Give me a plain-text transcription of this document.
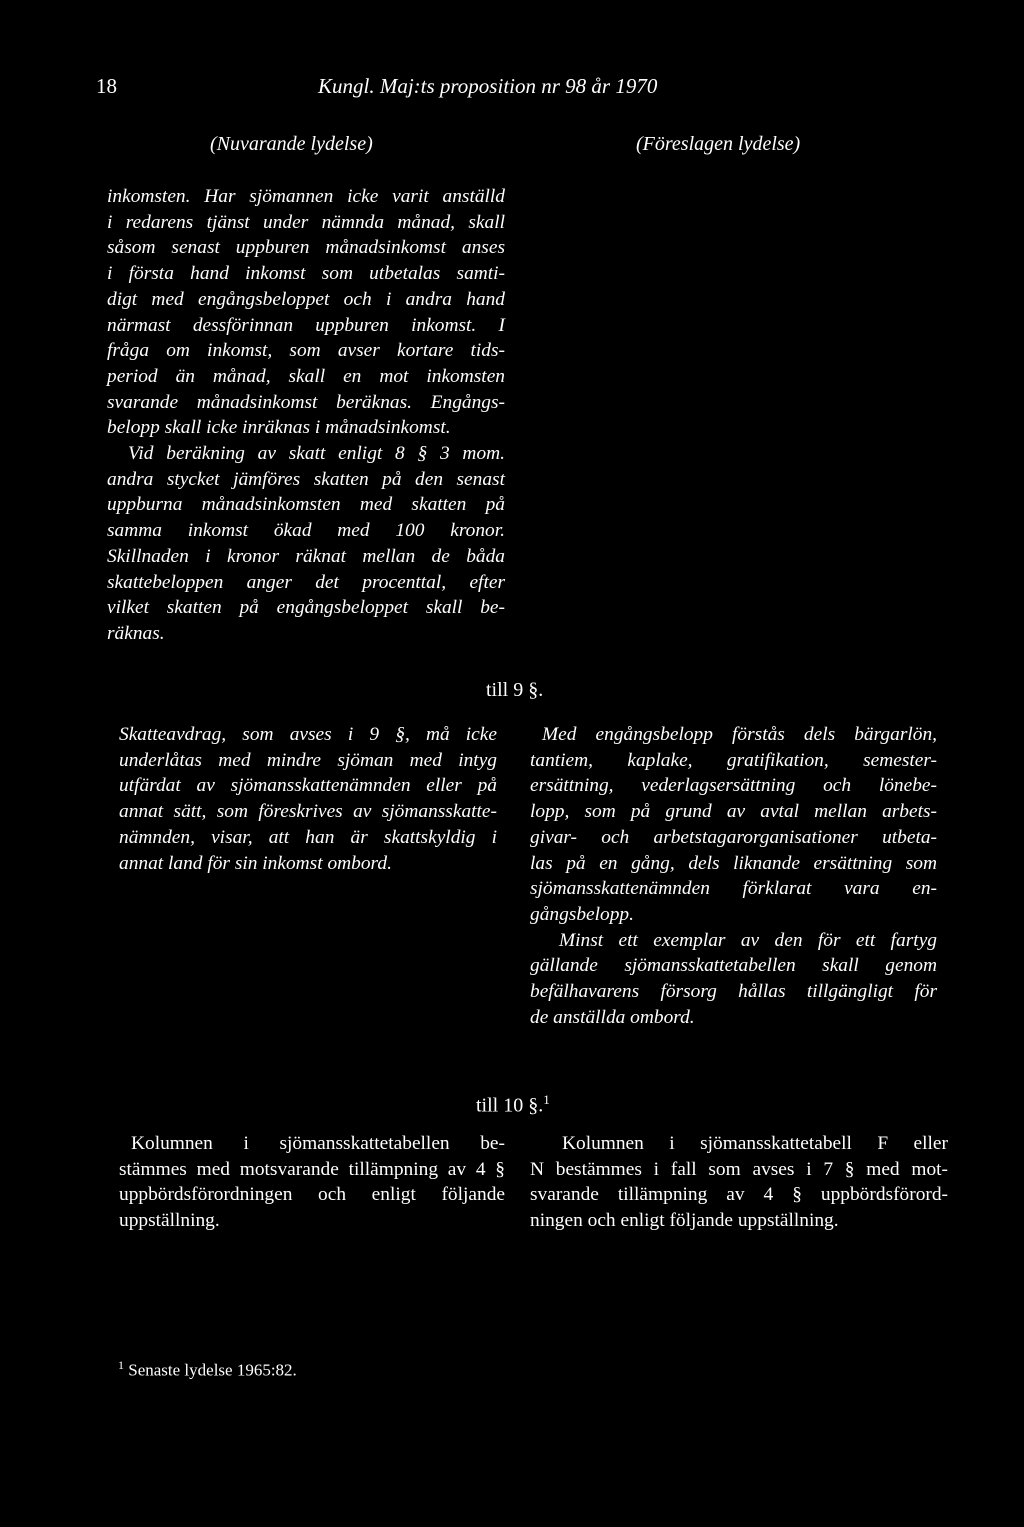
18	Kungl. Maj:ts proposition nr 98 år 1970
(Nuvarande lydelse)	(Föreslagen lydelse)
inkomsten. Har sjömannen icke varit anställd
i redarens tjänst under nämnda månad, skall
såsom senast uppburen månadsinkomst anses
i första hand inkomst som utbetalas samti-
digt med engångsbeloppet och i andra hand
närmast dessförinnan uppburen inkomst. I
fråga om inkomst, som avser kortare tids-
period än månad, skall en mot inkomsten
svarande månadsinkomst beräknas. Engångs-
belopp skall icke inräknas i månadsinkomst.
Vid beräkning av skatt enligt 8 § 3 mom.
andra stycket jämföres skatten på den senast
uppburna månadsinkomsten med skatten på
samma inkomst ökad med 100 kronor.
Skillnaden i kronor räknat mellan de båda
skattebeloppen anger det procenttal, efter
vilket skatten på engångsbeloppet skall be-
räknas.
till 9 §.
Skatteavdrag, som avses i 9 §, må icke
underlåtas med mindre sjöman med intyg
utfärdat av sjömansskattenämnden eller på
annat sätt, som föreskrives av sjömansskatte-
nämnden, visar, att han är skattskyldig i
annat land för sin inkomst ombord.
Med engångsbelopp förstås dels bärgarlön,
tantiem, kaplake, gratifikation, semester-
ersättning, vederlagsersättning och lönebe-
lopp, som på grund av avtal mellan arbets-
givar- och arbetstagarorganisationer utbeta-
las på en gång, dels liknande ersättning som
sjömansskattenämnden förklarat vara en-
gångsbelopp.
Minst ett exemplar av den för ett fartyg
gällande sjömansskattetabellen skall genom
befälhavarens försorg hållas tillgängligt för
de anställda ombord.
till 10 §.$^1$
Kolumnen i sjömansskattetabellen be-
stämmes med motsvarande tillämpning av 4 §
uppbördsförordningen och enligt följande
uppställning.
Kolumnen i sjömansskattetabell F eller
N bestämmes i fall som avses i 7 § med mot-
svarande tillämpning av 4 § uppbördsförord-
ningen och enligt följande uppställning.
$^1$ Senaste lydelse 1965:82.
